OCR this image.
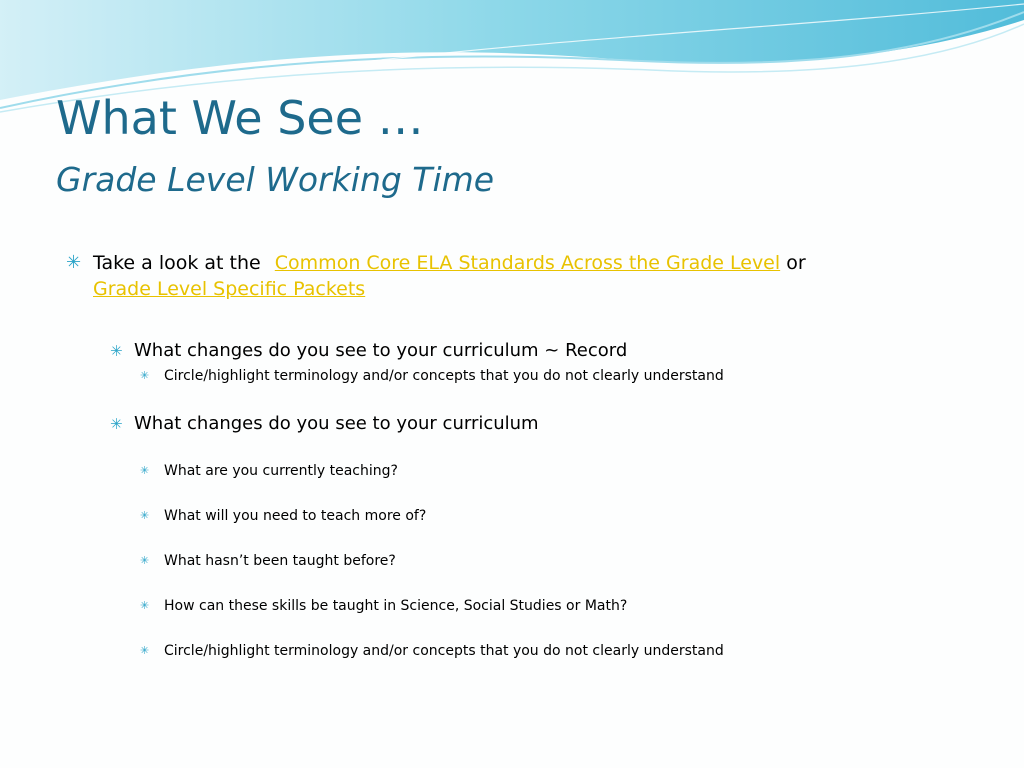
What We See …
Grade Level Working Time
✳ Take a look at the Common Core ELA Standards Across the Grade Level or
Grade Level Specific Packets
✳ What changes do you see to your curriculum ~ Record
✳ Circle/highlight terminology and/or concepts that you do not clearly understand
✳ What changes do you see to your curriculum
✳ What are you currently teaching?
✳ What will you need to teach more of?
✳ What hasn’t been taught before?
✳ How can these skills be taught in Science, Social Studies or Math?
✳ Circle/highlight terminology and/or concepts that you do not clearly understand
